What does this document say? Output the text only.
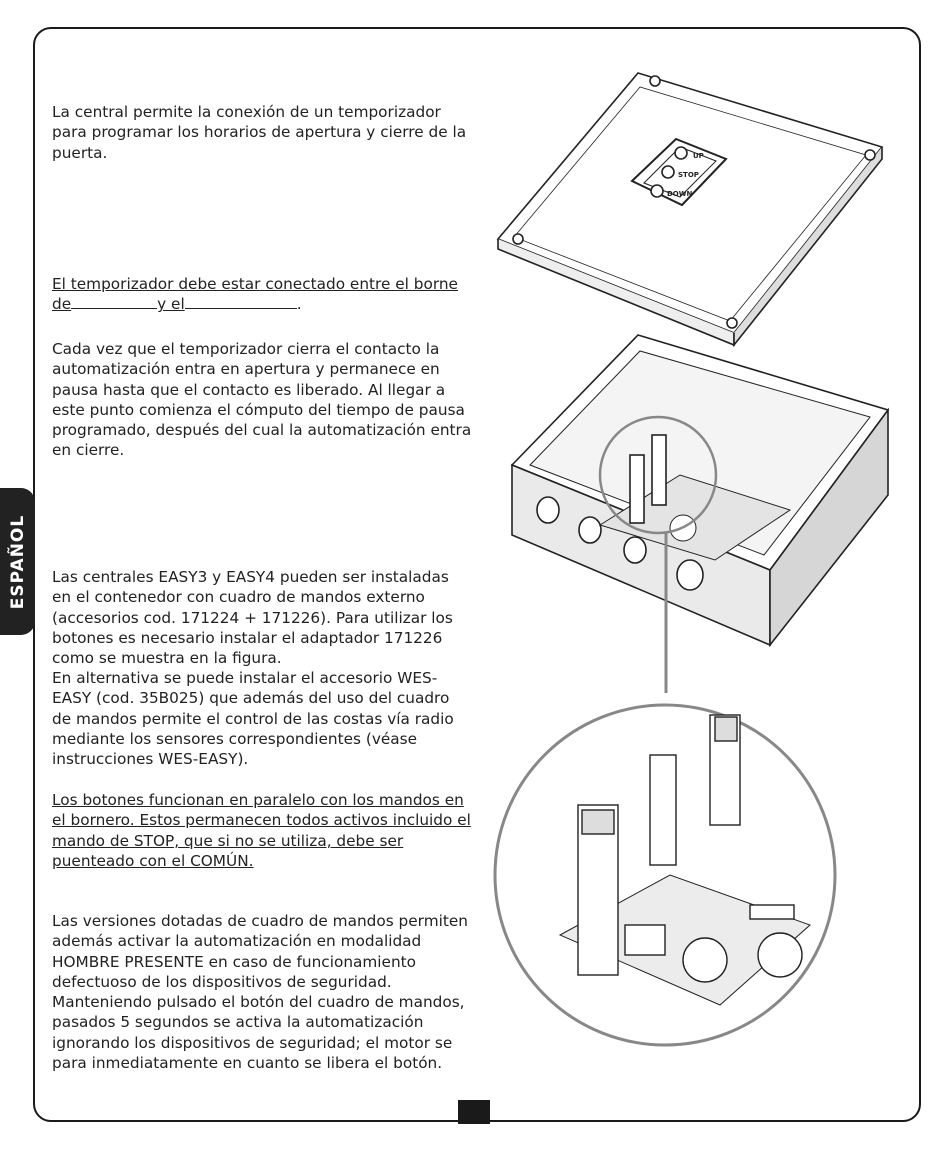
ESPAÑOL

La central permite la conexión de un temporizador para programar los horarios de apertura y cierre de la puerta.

El temporizador debe estar conectado entre el borne
de	y el	.

Cada vez que el temporizador cierra el contacto la automatización entra en apertura y permanece en pausa hasta que el contacto es liberado. Al llegar a este punto comienza el cómputo del tiempo de pausa programado, después del cual la automatización entra en cierre.

Las centrales EASY3 y EASY4 pueden ser instaladas en el contenedor con cuadro de mandos externo (accesorios cod. 171224 + 171226). Para utilizar los botones es necesario instalar el adaptador 171226 como se muestra en la figura.

En alternativa se puede instalar el accesorio WES-EASY (cod. 35B025) que además del uso del cuadro de mandos permite el control de las costas vía radio mediante los sensores correspondientes (véase instrucciones WES-EASY).

Los botones funcionan en paralelo con los mandos en el bornero. Estos permanecen todos activos incluido el mando de STOP, que si no se utiliza, debe ser puenteado con el COMÚN.

Las versiones dotadas de cuadro de mandos permiten además activar la automatización en modalidad HOMBRE PRESENTE en caso de funcionamiento defectuoso de los dispositivos de seguridad. Manteniendo pulsado el botón del cuadro de mandos, pasados 5 segundos se activa la automatización ignorando los dispositivos de seguridad; el motor se para inmediatamente en cuanto se libera el botón.

UP
STOP
DOWN
